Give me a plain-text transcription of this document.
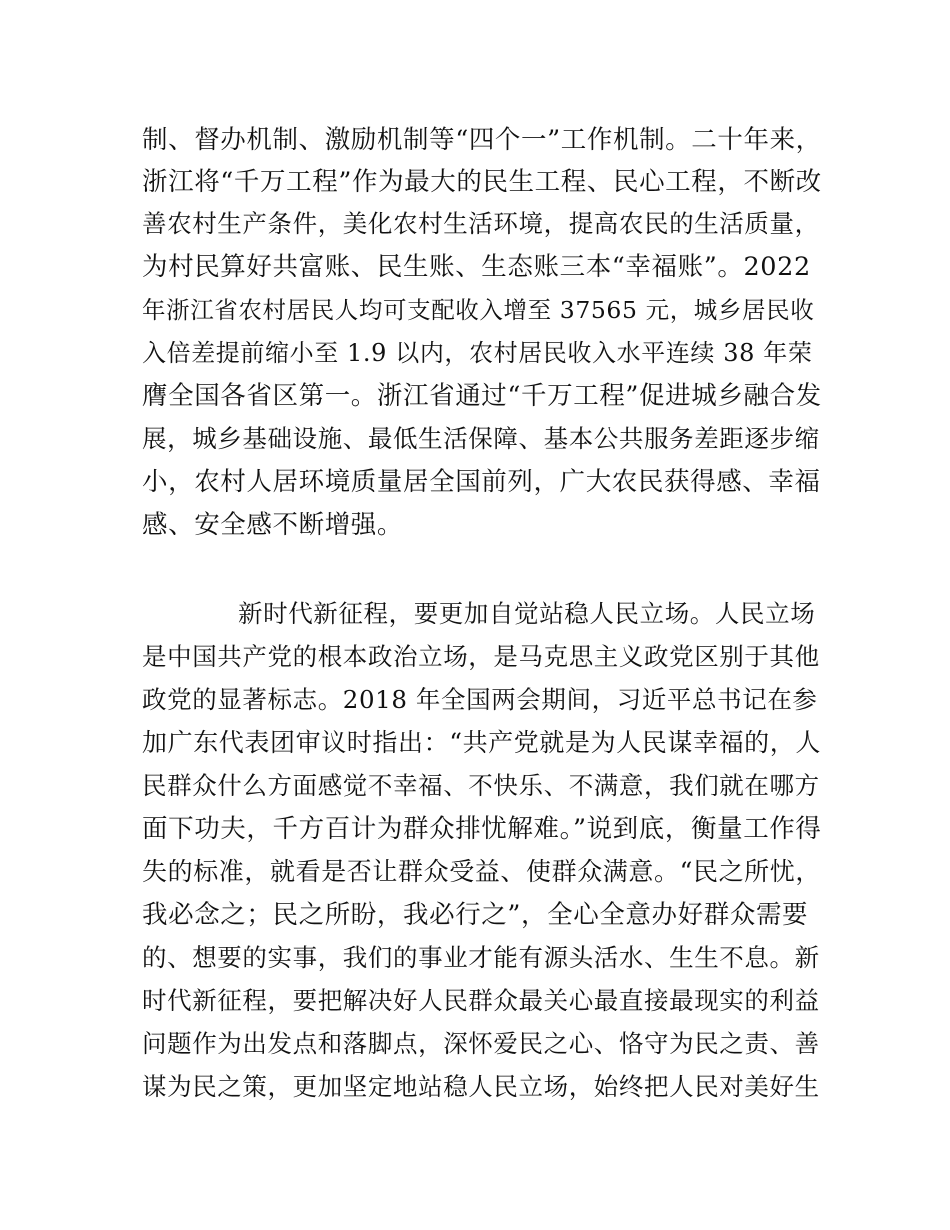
制、督办机制、激励机制等“四个一”工作机制。二十年来，
浙江将“千万工程”作为最大的民生工程、民心工程，不断改
善农村生产条件，美化农村生活环境，提高农民的生活质量，
为村民算好共富账、民生账、生态账三本“幸福账”。2022
年浙江省农村居民人均可支配收入增至 37565 元，城乡居民收
入倍差提前缩小至 1.9 以内，农村居民收入水平连续 38 年荣
膺全国各省区第一。浙江省通过“千万工程”促进城乡融合发
展，城乡基础设施、最低生活保障、基本公共服务差距逐步缩
小，农村人居环境质量居全国前列，广大农民获得感、幸福
感、安全感不断增强。
新时代新征程，要更加自觉站稳人民立场。人民立场
是中国共产党的根本政治立场，是马克思主义政党区别于其他
政党的显著标志。2018 年全国两会期间，习近平总书记在参
加广东代表团审议时指出：“共产党就是为人民谋幸福的，人
民群众什么方面感觉不幸福、不快乐、不满意，我们就在哪方
面下功夫，千方百计为群众排忧解难。”说到底，衡量工作得
失的标准，就看是否让群众受益、使群众满意。“民之所忧，
我必念之；民之所盼，我必行之”，全心全意办好群众需要
的、想要的实事，我们的事业才能有源头活水、生生不息。新
时代新征程，要把解决好人民群众最关心最直接最现实的利益
问题作为出发点和落脚点，深怀爱民之心、恪守为民之责、善
谋为民之策，更加坚定地站稳人民立场，始终把人民对美好生
